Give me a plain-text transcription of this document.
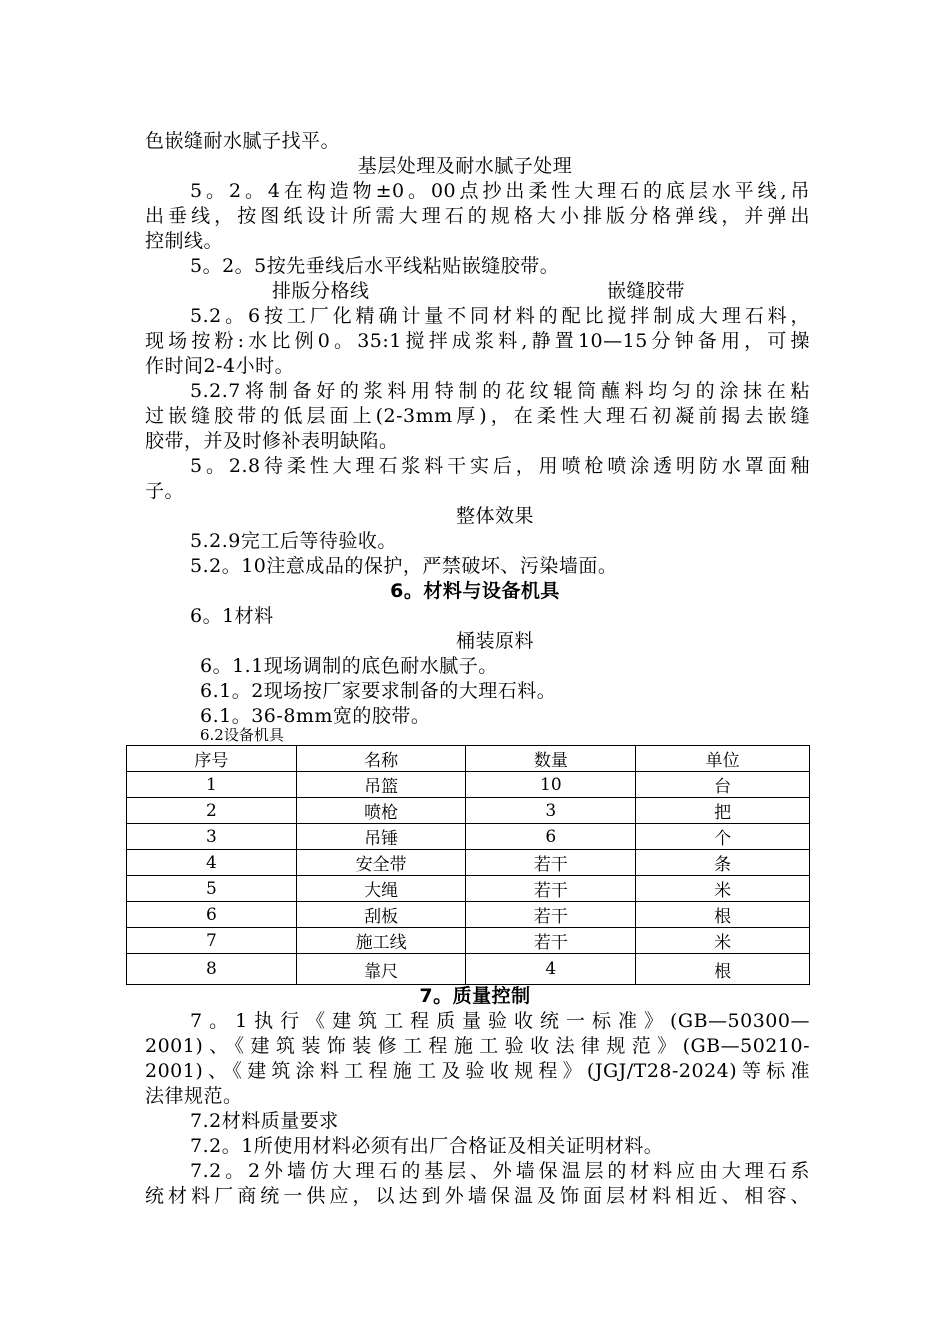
色嵌缝耐水腻子找平。
基层处理及耐水腻子处理
5。2。4在构造物±0。00点抄出柔性大理石的底层水平线,吊
出垂线，按图纸设计所需大理石的规格大小排版分格弹线，并弹出
控制线。
5。2。5按先垂线后水平线粘贴嵌缝胶带。
排版分格线	嵌缝胶带
5.2。6按工厂化精确计量不同材料的配比搅拌制成大理石料，
现场按粉:水比例0。35:1搅拌成浆料,静置10—15分钟备用，可操
作时间2-4小时。
5.2.7将制备好的浆料用特制的花纹辊筒蘸料均匀的涂抹在粘
过嵌缝胶带的低层面上(2-3mm厚)，在柔性大理石初凝前揭去嵌缝
胶带，并及时修补表明缺陷。
5。2.8待柔性大理石浆料干实后，用喷枪喷涂透明防水罩面釉
子。
整体效果
5.2.9完工后等待验收。
5.2。10注意成品的保护，严禁破坏、污染墙面。
6。材料与设备机具
6。1材料
桶装原料
6。1.1现场调制的底色耐水腻子。
6.1。2现场按厂家要求制备的大理石料。
6.1。36-8mm宽的胶带。
6.2设备机具
序号	名称	数量	单位
1	吊篮	10	台
2	喷枪	3	把
3	吊锤	6	个
4	安全带	若干	条
5	大绳	若干	米
6	刮板	若干	根
7	施工线	若干	米
8	靠尺	4	根
7。质量控制
7。1执行《建筑工程质量验收统一标准》(GB—50300—
2001)、《建筑装饰装修工程施工验收法律规范》(GB—50210-
2001)、《建筑涂料工程施工及验收规程》(JGJ/T28-2024)等标准
法律规范。
7.2材料质量要求
7.2。1所使用材料必须有出厂合格证及相关证明材料。
7.2。2外墙仿大理石的基层、外墙保温层的材料应由大理石系
统材料厂商统一供应，以达到外墙保温及饰面层材料相近、相容、
